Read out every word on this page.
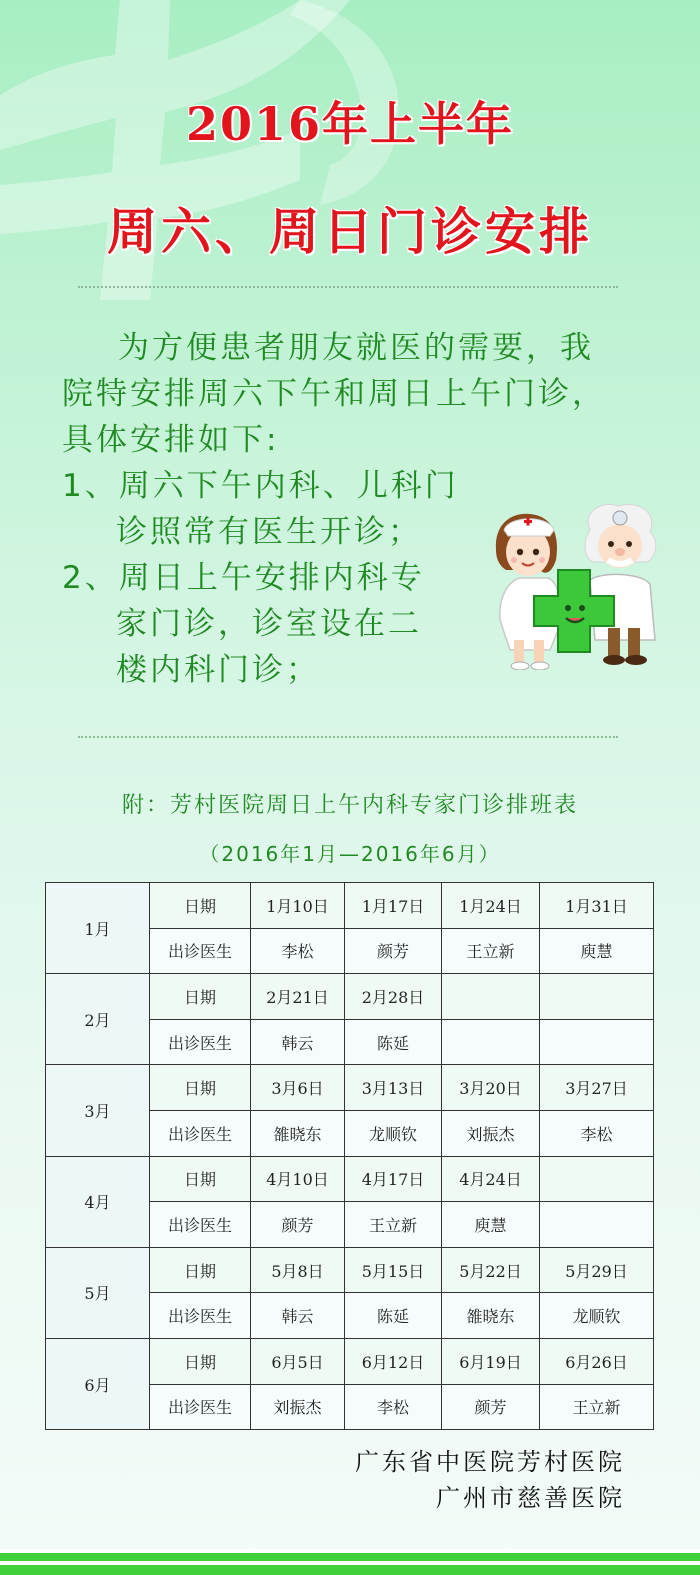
2016年上半年
周六、周日门诊安排
为方便患者朋友就医的需要，我
院特安排周六下午和周日上午门诊，
具体安排如下:
1、周六下午内科、儿科门
诊照常有医生开诊；
2、周日上午安排内科专
家门诊，诊室设在二
楼内科门诊；
附：芳村医院周日上午内科专家门诊排班表
（2016年1月—2016年6月）
1月	日期	1月10日	1月17日	1月24日	1月31日
	出诊医生	李松	颜芳	王立新	庾慧
2月	日期	2月21日	2月28日		
	出诊医生	韩云	陈延		
3月	日期	3月6日	3月13日	3月20日	3月27日
	出诊医生	雒晓东	龙顺钦	刘振杰	李松
4月	日期	4月10日	4月17日	4月24日	
	出诊医生	颜芳	王立新	庾慧	
5月	日期	5月8日	5月15日	5月22日	5月29日
	出诊医生	韩云	陈延	雒晓东	龙顺钦
6月	日期	6月5日	6月12日	6月19日	6月26日
	出诊医生	刘振杰	李松	颜芳	王立新
广东省中医院芳村医院
广州市慈善医院
